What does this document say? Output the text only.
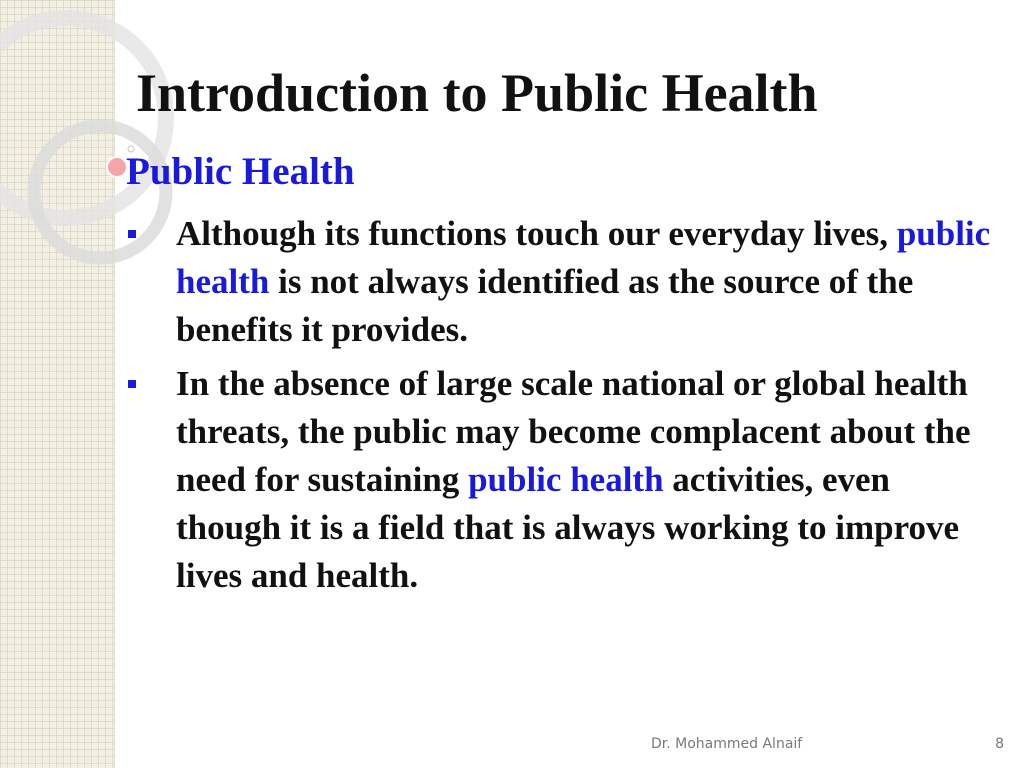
Introduction to Public Health
Public Health
Although its functions touch our everyday lives, public health is not always identified as the source of the benefits it provides.
In the absence of large scale national or global health threats, the public may become complacent about the need for sustaining public health activities, even though it is a field that is always working to improve lives and health.
Dr. Mohammed Alnaif	8
